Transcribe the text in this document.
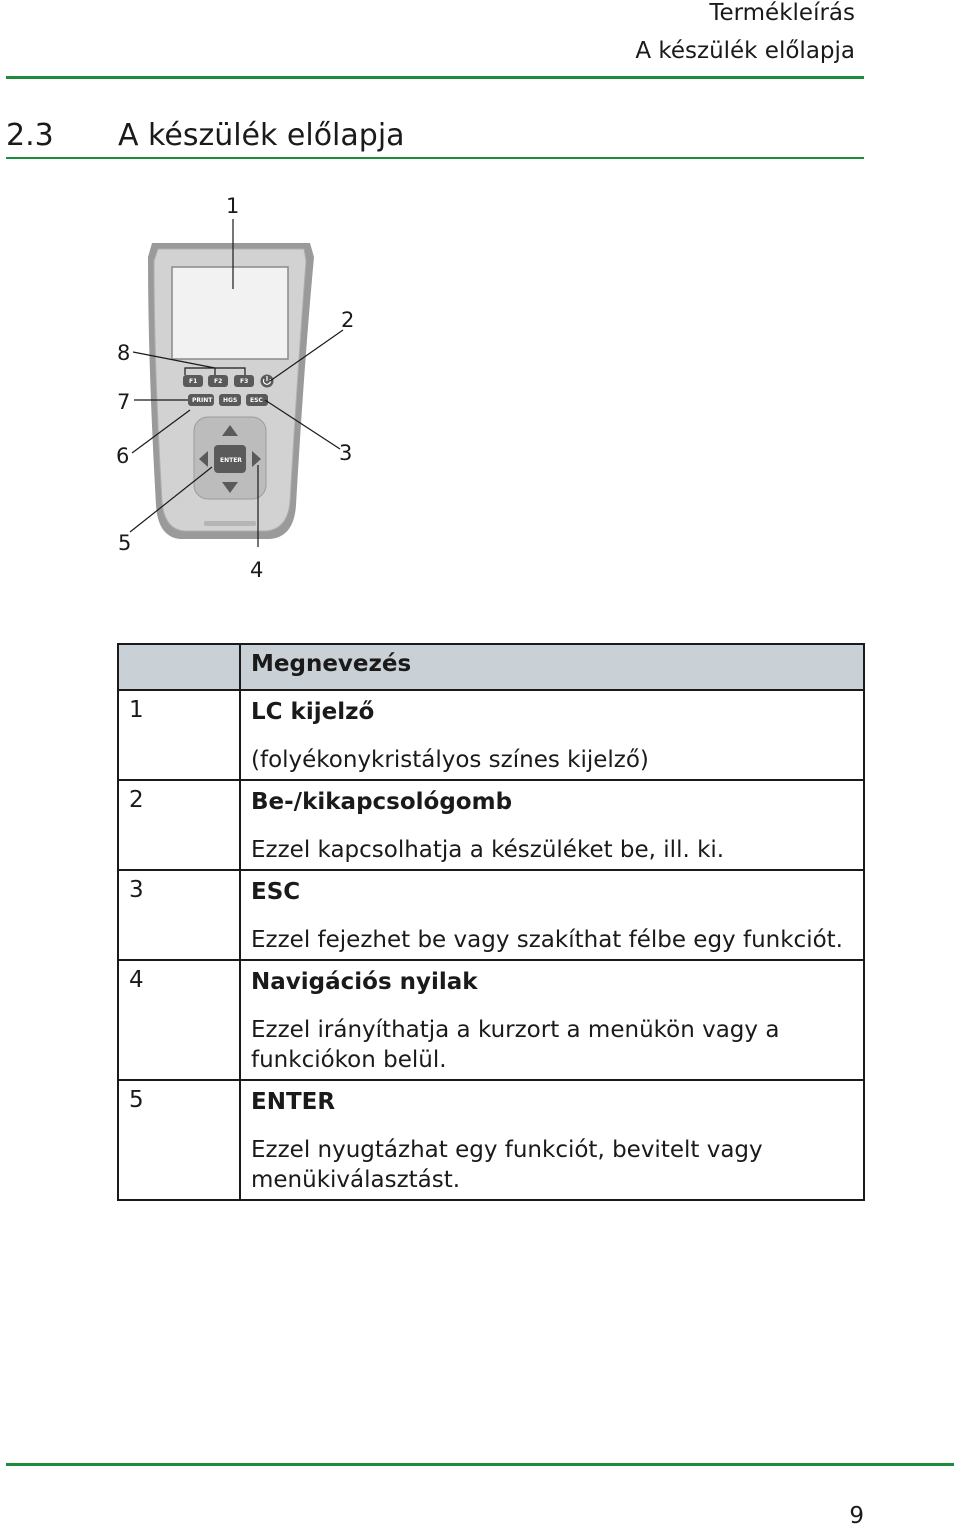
Termékleírás
A készülék előlapja
2.3 A készülék előlapja
F1	F2	F3
PRINT HGS ESC
ENTER
1
2
3
4
5
6
7
8

	Megnevezés

1	LC kijelző
(folyékonykristályos színes kijelző)

2	Be-/kikapcsológomb
Ezzel kapcsolhatja a készüléket be, ill. ki.

3	ESC
Ezzel fejezhet be vagy szakíthat félbe egy funkciót.

4	Navigációs nyilak
Ezzel irányíthatja a kurzort a menükön vagy a funkciókon belül.

5	ENTER
Ezzel nyugtázhat egy funkciót, bevitelt vagy menükiválasztást.
9
